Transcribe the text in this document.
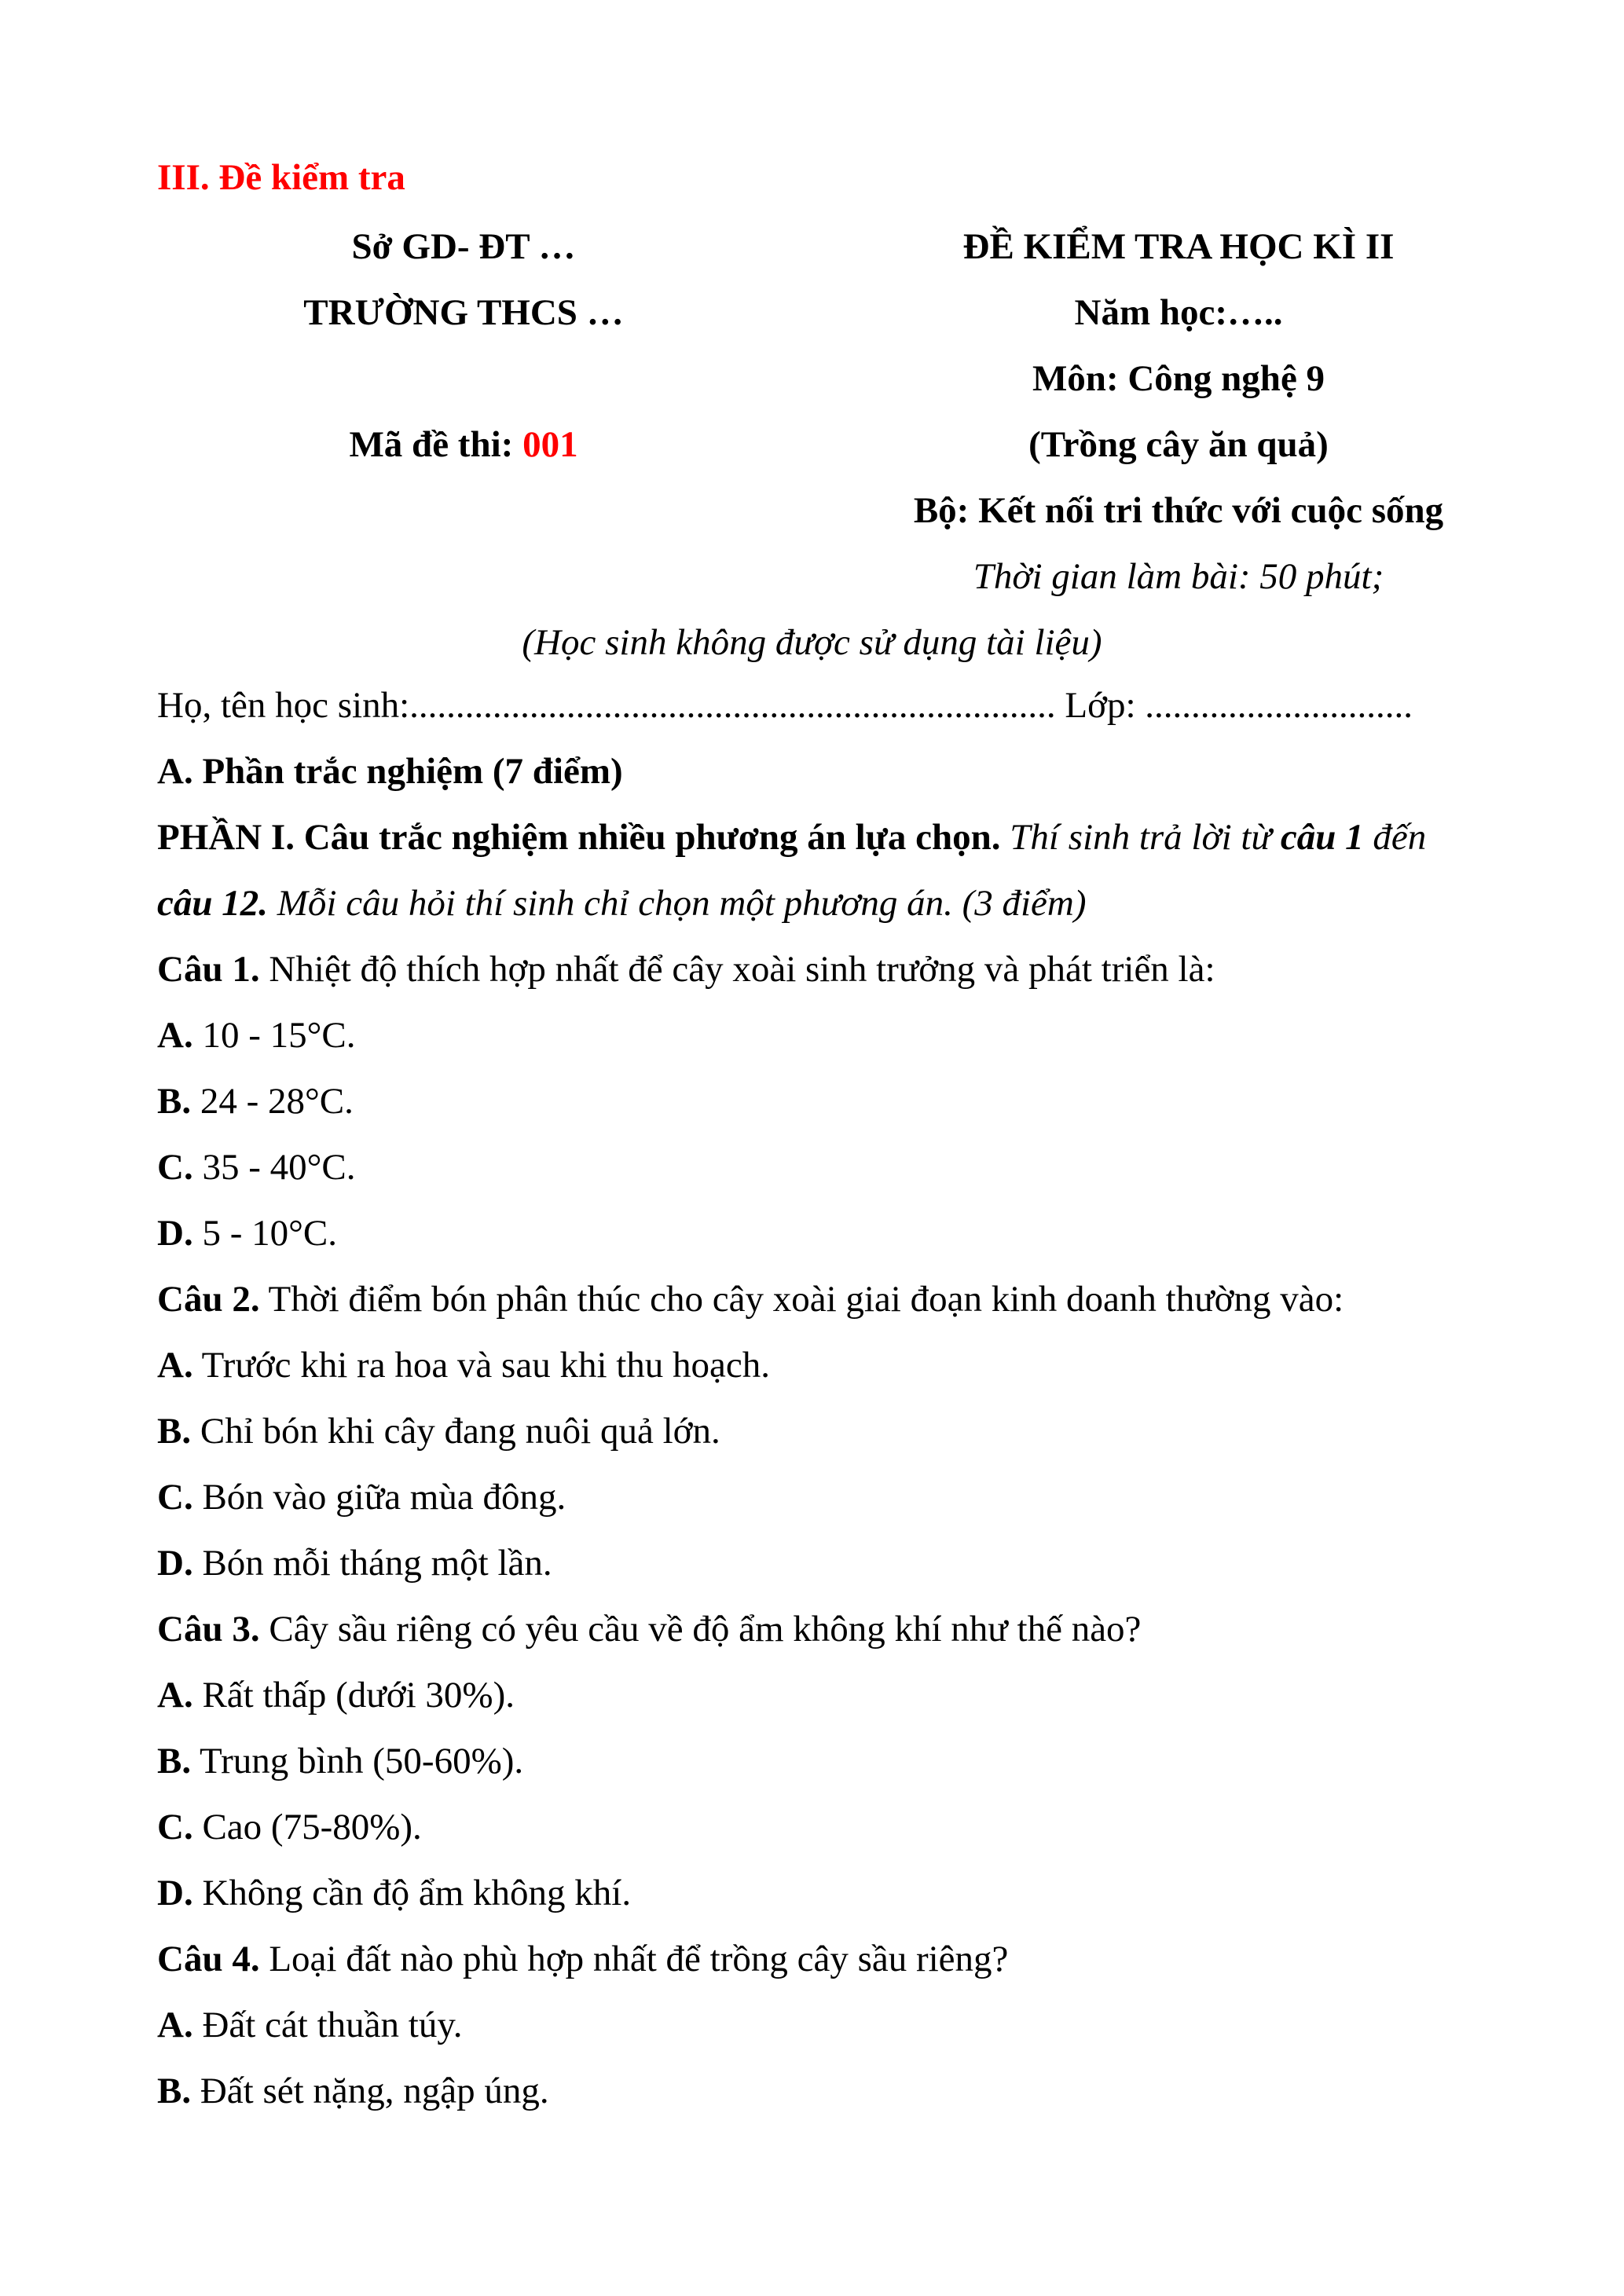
III. Đề kiểm tra
Sở GD- ĐT …
TRƯỜNG THCS …
Mã đề thi: 001
ĐỀ KIỂM TRA HỌC KÌ II
Năm học:…..
Môn: Công nghệ 9
(Trồng cây ăn quả)
Bộ: Kết nối tri thức với cuộc sống
Thời gian làm bài: 50 phút;
(Học sinh không được sử dụng tài liệu)
Họ, tên học sinh:...................................................................... Lớp: .............................
A. Phần trắc nghiệm (7 điểm)
PHẦN I. Câu trắc nghiệm nhiều phương án lựa chọn. Thí sinh trả lời từ câu 1 đến
câu 12. Mỗi câu hỏi thí sinh chỉ chọn một phương án. (3 điểm)
Câu 1. Nhiệt độ thích hợp nhất để cây xoài sinh trưởng và phát triển là:
A. 10 - 15°C.
B. 24 - 28°C.
C. 35 - 40°C.
D. 5 - 10°C.
Câu 2. Thời điểm bón phân thúc cho cây xoài giai đoạn kinh doanh thường vào:
A. Trước khi ra hoa và sau khi thu hoạch.
B. Chỉ bón khi cây đang nuôi quả lớn.
C. Bón vào giữa mùa đông.
D. Bón mỗi tháng một lần.
Câu 3. Cây sầu riêng có yêu cầu về độ ẩm không khí như thế nào?
A. Rất thấp (dưới 30%).
B. Trung bình (50-60%).
C. Cao (75-80%).
D. Không cần độ ẩm không khí.
Câu 4. Loại đất nào phù hợp nhất để trồng cây sầu riêng?
A. Đất cát thuần túy.
B. Đất sét nặng, ngập úng.
